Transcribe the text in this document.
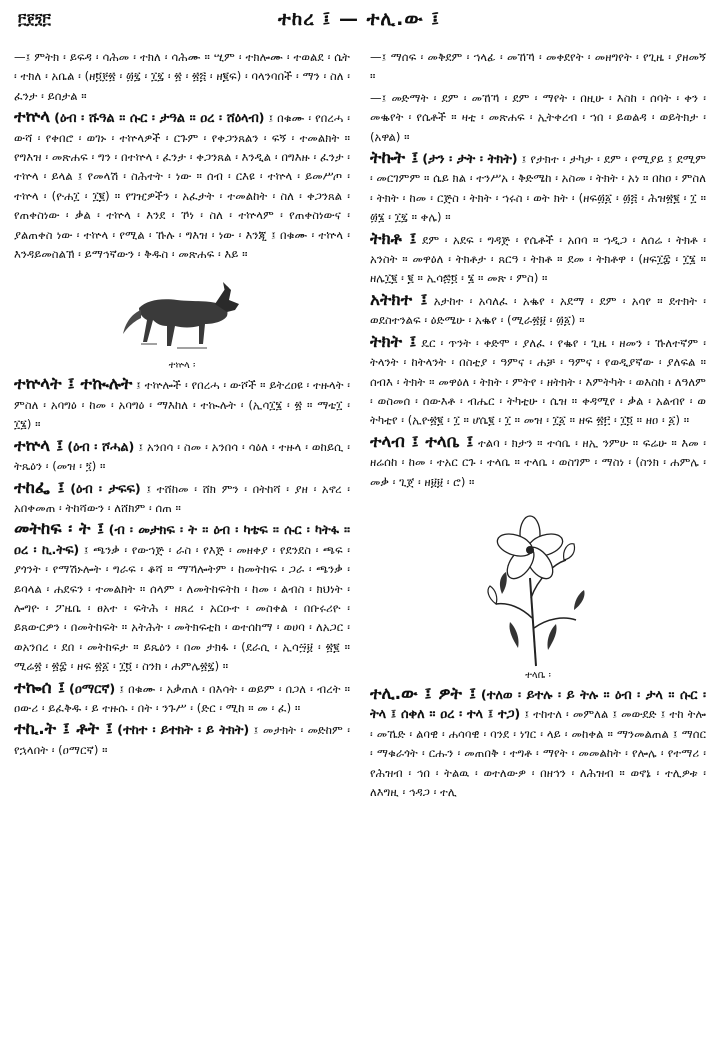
፫፻፺፫	ተከረ ፤ — ተሊ.ው ፤

—፤ ምትክ ፡ ይፍዳ ፡ ሳሕመ ፡ ተክለ ፡ ሳሕሙ ። ሢም ፡ ተክሎሙ ፡ ተወልደ ፡ ሴት ፡ ተክለ ፡ አቤል ፡ (ዘ፬፻፳ ፡ ፴፯ ፡ ፲፯ ፡ ፳ ፡ ፳፭ ፡ ዘ፪ፍ) ፡ ባላንባበች ፡ ማን ፡ ስለ ፡ ፈንታ ፡ ይሰታል ።

ተኵላ (ዕብ ፡ ሹዓል ። ሱር ፡ ታዓል ። ዐረ ፡ ሸዕላብ) ፤ በቁሙ ፡ የበረሓ ፡ ውሻ ፡ የቀበሮ ፡ ወገኑ ፡ ተኵላዎች ፡ ርጉም ፡ የቀጋንጸልን ፡ ፍኝ ፡ ተመልክት ። የግእዝ ፡ መጽሐፍ ፡ ግን ፡ በተኵላ ፡ ፈንታ ፡ ቀጋንጸል ፡ እንዲል ፡ በግእዙ ፡ ፈንታ ፡ ተኵላ ፡ ይላል ፤ የመላሽ ፡ ስሕተት ፡ ነው ። ሰብ ፡ ርእዩ ፡ ተኵላ ፡ ይመሥጦ ፡ ተኵላ ፡ (ዮሐ፲ ፡ ፲፪) ። የገዢዎችን ፡ አፈታት ፡ ተመልከት ፡ ስለ ፡ ቀጋንጸል ፡ የጠቀስነው ፡ ቃል ፡ ተኵላ ፡ እንደ ፡ ኾነ ፡ ስለ ፡ ተኵላም ፡ የጠቀስነውና ፡ ያልጠቀስ ነው ፡ ተኵላ ፡ የሚል ፡ ኹሉ ፡ ግእዝ ፡ ነው ፡ እንጂ ፤ በቁሙ ፡ ተኵላ ፡ እንዳይመስልኽ ፡ ይማኅኛውን ፡ ቅዱስ ፡ መጽሐፍ ፡ እይ ።

ተኵላ ፡

ተኵላት ፤ ተኲሉት ፤ ተኵሎች ፡ የበረሓ ፡ ውሾች ። ይትረዐዩ ፡ ተዙላት ፡ ምስለ ፡ አባግዕ ፡ ከመ ፡ አባግዕ ፡ ማእከለ ፡ ተኲሉት ፡ (ኢሳ፲፮ ፡ ፳ ። ማቴ፲ ፡ ፲፮) ።

ተኵላ ፤ (ዕብ ፡ ሾሓል) ፤ አንበሳ ፡ ስመ ፡ አንበሳ ፡ ሳዕለ ፡ ተዙላ ፡ ወከይሲ ፡ ትጼዕን ፡ (መዝ ፡ ፺) ።

ተከፌ ፤ (ዕብ ፡ ታፍፍ) ፤ ተሸከመ ፡ ሸክ ምን ፡ በትከሻ ፡ ያዘ ፡ አኖረ ፡ አበቀመጠ ፡ ትከሻውን ፡ ለሸክም ፡ ሰጠ ።

መትከፍ ፡ ት ፤ (ብ ፡ መታክፍ ፡ ት ። ዕብ ፡ ካቴፍ ። ሱር ፡ ካትፋ ። ዐረ ፡ ኪ.ትፍ) ፤ ጫንቃ ፡ የውኀጅ ፡ ራስ ፡ የእጅ ፡ መዘቀያ ፡ የደንደስ ፡ ጫፍ ፡ ያጎንት ፡ የማሽኑሎት ፡ ግራፍ ፡ ቆሻ ። ማኻሎትም ፡ ከመትከፍ ፡ ጋራ ፡ ጫንቃ ፡ ይባላል ፡ ሐደፍን ፡ ተመልክት ። ሰላም ፡ ለመትከፍትከ ፡ ከመ ፡ ልብስ ፡ ክህነት ፡ ሎግዮ ፡ ፖዜቤ ፡ ፀአተ ፡ ፍትሕ ፡ ዘጸረ ፡ አርዑተ ፡ መስቀል ፡ በቡሩሪዮ ፡ ይጸውርዎን ፡ በመትከፍት ። አትሕት ፡ መትክፍቲከ ፡ ወተሰከማ ፡ ወሀባ ፡ ለአጋር ፡ ወአንበረ ፡ ደበ ፡ መትከፍታ ። ይጼዕን ፡ በመ ታክፋ ፡ (ደራሲ ፡ ኢሳ፵፱ ፡ ፳፪ ። ሚሬ፳ ፡ ፳፰ ፡ ዘፍ ፳፩ ፡ ፲፬ ፡ ስንክ ፡ ሐምሌ፳፯) ።

ተኰሰ ፤ (ዐማርኛ) ፤ በቁሙ ፡ አቃጠለ ፡ በእሳት ፡ ወይም ፡ በጋለ ፡ ብረት ። ዐውሪ ፡ ይፈቅዱ ፡ ይ ተዙሱ ፡ በት ፡ ንጉሥ ፡ (ድር ፡ ሚከ ። መ ፡ ፈ) ።

ተኪ.ት ፤ ቶት ፤ (ተከተ ፡ ይተክት ፡ ይ ትክት) ፤ መታክት ፡ መድከም ፡ የኋላበት ፡ (ዐማርኛ) ።

—፤ ማሰፍ ፡ መቅደም ፡ ኀላፊ ፡ መኸኻ ፡ መቀደየት ፡ መዘግየት ፡ የጊዜ ፡ ያዘመኝ ።

—፤ መድማት ፡ ደም ፡ መኸኻ ፡ ደም ፡ ማየት ፡ በዚሁ ፡ እስከ ፡ ሰባት ፡ ቀን ፡ መቈየት ፡ የሴቶች ። ዛቲ ፡ መጽሐፍ ፡ ኢትቀረብ ፡ ኀበ ፡ ይወልዳ ፡ ወይትክታ ፡ (አዋል) ።

ትኩት ፤ (ታን ፡ ታት ፡ ትክት) ፤ የታክተ ፡ ታካታ ፡ ደም ፡ የሚያይ ፤ ደሚም ፡ መርገምም ። ሴይ ክል ፡ ተንሥአ ፡ ቅድሜከ ፡ አስመ ፡ ትክት ፡ አነ ። በከዐ ፡ ምስለ ፡ ትክት ፡ ከመ ፡ ርጅስ ፡ ትክት ፡ ኀሩስ ፡ ወት ክት ፡ (ዘፍ፴፩ ፡ ፴፭ ፡ ሕዝ፳፪ ፡ ፲ ። ፴፮ ፡ ፲፯ ። ቀሌ) ።

ትክቶ ፤ ደም ፡ አደፍ ፡ ግዳጅ ፡ የሴቶች ፡ አበባ ። ኀዲጋ ፡ ለሰሬ ፡ ትክቶ ፡ አንስት ። መዋዕለ ፡ ትክቶታ ፡ ጸርዓ ፡ ትክቶ ። ደመ ፡ ትክቶዋ ፡ (ዘፍ፲፰ ፡ ፲፮ ። ዘሌ፲፪ ፡ ፪ ። ኢሳ፷፬ ፡ ፮ ። መጽ ፡ ምስ) ።

አትክተ ፤ አታከተ ፡ አሳለፈ ፡ አቈየ ፡ አደማ ፡ ደም ፡ አሳየ ። ደተክት ፡ ወደስተንልፍ ፡ ዕድሜሁ ፡ አቈየ ፡ (ሚራ፳፱ ፡ ፴፩) ።

ትክት ፤ ዴር ፡ ጥንት ፡ ቀድሞ ፡ ያለፈ ፡ የቈየ ፡ ጊዜ ፡ ዘመን ፡ ኹለተኛም ፡ ትላንት ፡ ከትላንት ፡ በስቲያ ፡ ዓምና ፡ ሐቻ ፡ ዓምና ፡ የወዲያኛው ፡ ያለፍል ። ሰብእ ፡ ትክት ። መዋዕለ ፡ ትክት ፡ ምትየ ፡ ዘትክት ፡ እምትካት ፡ ወእስከ ፡ ለዓለም ፡ ወስመሰ ፡ ሰውእቶ ፡ ብሔር ፡ ትካቲሁ ፡ ሴዝ ። ቀዳሚየ ፡ ቃል ፡ አልብየ ፡ ወ ትካቲየ ፡ (ኢዮ፳፪ ፡ ፲ ። ሆሴ፪ ፡ ፲ ። መዝ ፡ ፲፩ ። ዘፍ ፳፫ ፡ ፲፬ ። ዘዐ ፡ ፩) ።

ተላብ ፤ ተላቤ ፤ ተልባ ፡ ክታን ። ተሳቤ ፡ ዘኢ ንምሁ ። ፍሬሁ ። እመ ፡ ዘሬሰከ ፡ ከመ ፡ ተአር ርጉ ፡ ተላቤ ። ተላቤ ፡ ወስገም ፡ ማስነ ፡ (ስንክ ፡ ሐምሌ ፡ መቃ ፡ ጊጀ ፡ ዘ፱፱ ፡ ሮ) ።

ተላቤ ፡

ተሊ.ው ፤ ዎት ፤ (ተለወ ፡ ይተሉ ፡ ይ ትሉ ። ዕብ ፡ ታላ ። ሱር ፡ ትላ ፤ ሰቀለ ። ዐረ ፡ ተላ ፤ ተጋ) ፤ ተከተለ ፡ መምለል ፤ መውደድ ፤ ተከ ትሎ ፡ መኼድ ፡ ልባዊ ፡ ሐሳባዊ ፡ ባንደ ፡ ነገር ፡ ላይ ፡ መከቀል ። ማንመልጠል ፤ ማሰር ፡ ማቁራጎት ፡ ርሑን ፡ መጠበቅ ፡ ተግቶ ፡ ማየት ፡ መመልከት ፡ የሎሌ ፡ የተማሪ ፡ የሕዝብ ፡ ኅበ ፡ ትልዉ ፡ ወተለውዎ ፡ በዘኅን ፡ ለሕዝብ ። ወኖኔ ፡ ተሊዎቱ ፡ ለእግዚ ፡ ኅዳጋ ፡ ተሊ
